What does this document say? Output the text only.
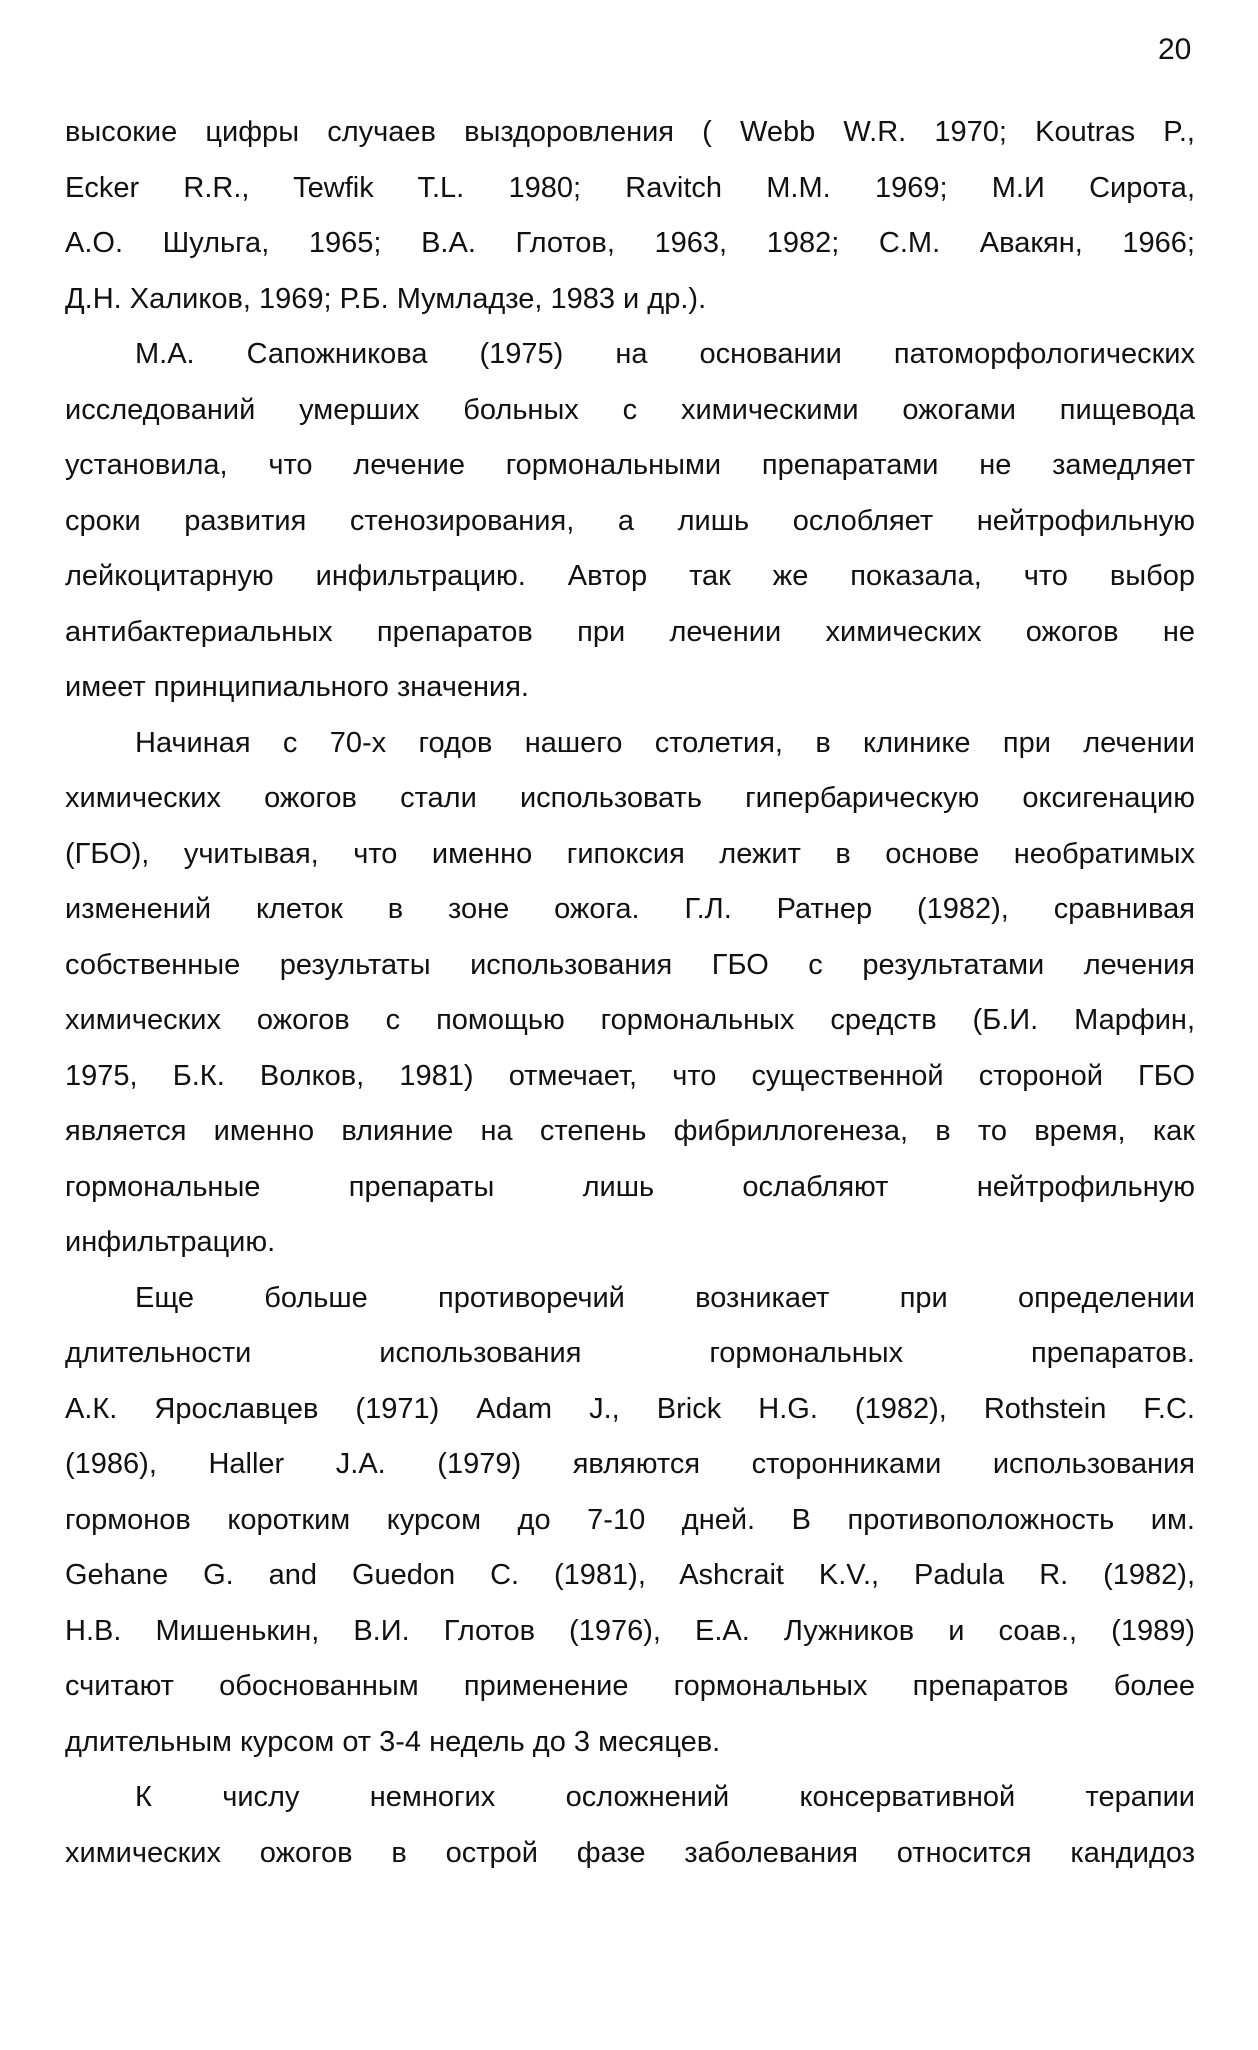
20
высокие цифры случаев выздоровления ( Webb W.R. 1970; Koutras P.,
Ecker R.R., Tewfik T.L. 1980; Ravitch M.M. 1969; М.И Сирота,
А.О. Шульга, 1965; В.А. Глотов, 1963, 1982; С.М. Авакян, 1966;
Д.Н. Халиков, 1969; Р.Б. Мумладзе, 1983 и др.).
М.А. Сапожникова (1975) на основании патоморфологических
исследований умерших больных с химическими ожогами пищевода
установила, что лечение гормональными препаратами не замедляет
сроки развития стенозирования, а лишь ослобляет нейтрофильную
лейкоцитарную инфильтрацию. Автор так же показала, что выбор
антибактериальных препаратов при лечении химических ожогов не
имеет принципиального значения.
Начиная с 70-х годов нашего столетия, в клинике при лечении
химических ожогов стали использовать гипербарическую оксигенацию
(ГБО), учитывая, что именно гипоксия лежит в основе необратимых
изменений клеток в зоне ожога. Г.Л. Ратнер (1982), сравнивая
собственные результаты использования ГБО с результатами лечения
химических ожогов с помощью гормональных средств (Б.И. Марфин,
1975, Б.К. Волков, 1981) отмечает, что существенной стороной ГБО
является именно влияние на степень фибриллогенеза, в то время, как
гормональные препараты лишь ослабляют нейтрофильную
инфильтрацию.
Еще больше противоречий возникает при определении
длительности использования гормональных препаратов.
А.К. Ярославцев (1971) Adam J., Brick H.G. (1982), Rothstein F.C.
(1986), Haller J.A. (1979) являются сторонниками использования
гормонов коротким курсом до 7-10 дней. В противоположность им.
Gehane G. and Guedon C. (1981), Ashcrait K.V., Padula R. (1982),
Н.В. Мишенькин, В.И. Глотов (1976), Е.А. Лужников и соав., (1989)
считают обоснованным применение гормональных препаратов более
длительным курсом от 3-4 недель до 3 месяцев.
К числу немногих осложнений консервативной терапии
химических ожогов в острой фазе заболевания относится кандидоз
